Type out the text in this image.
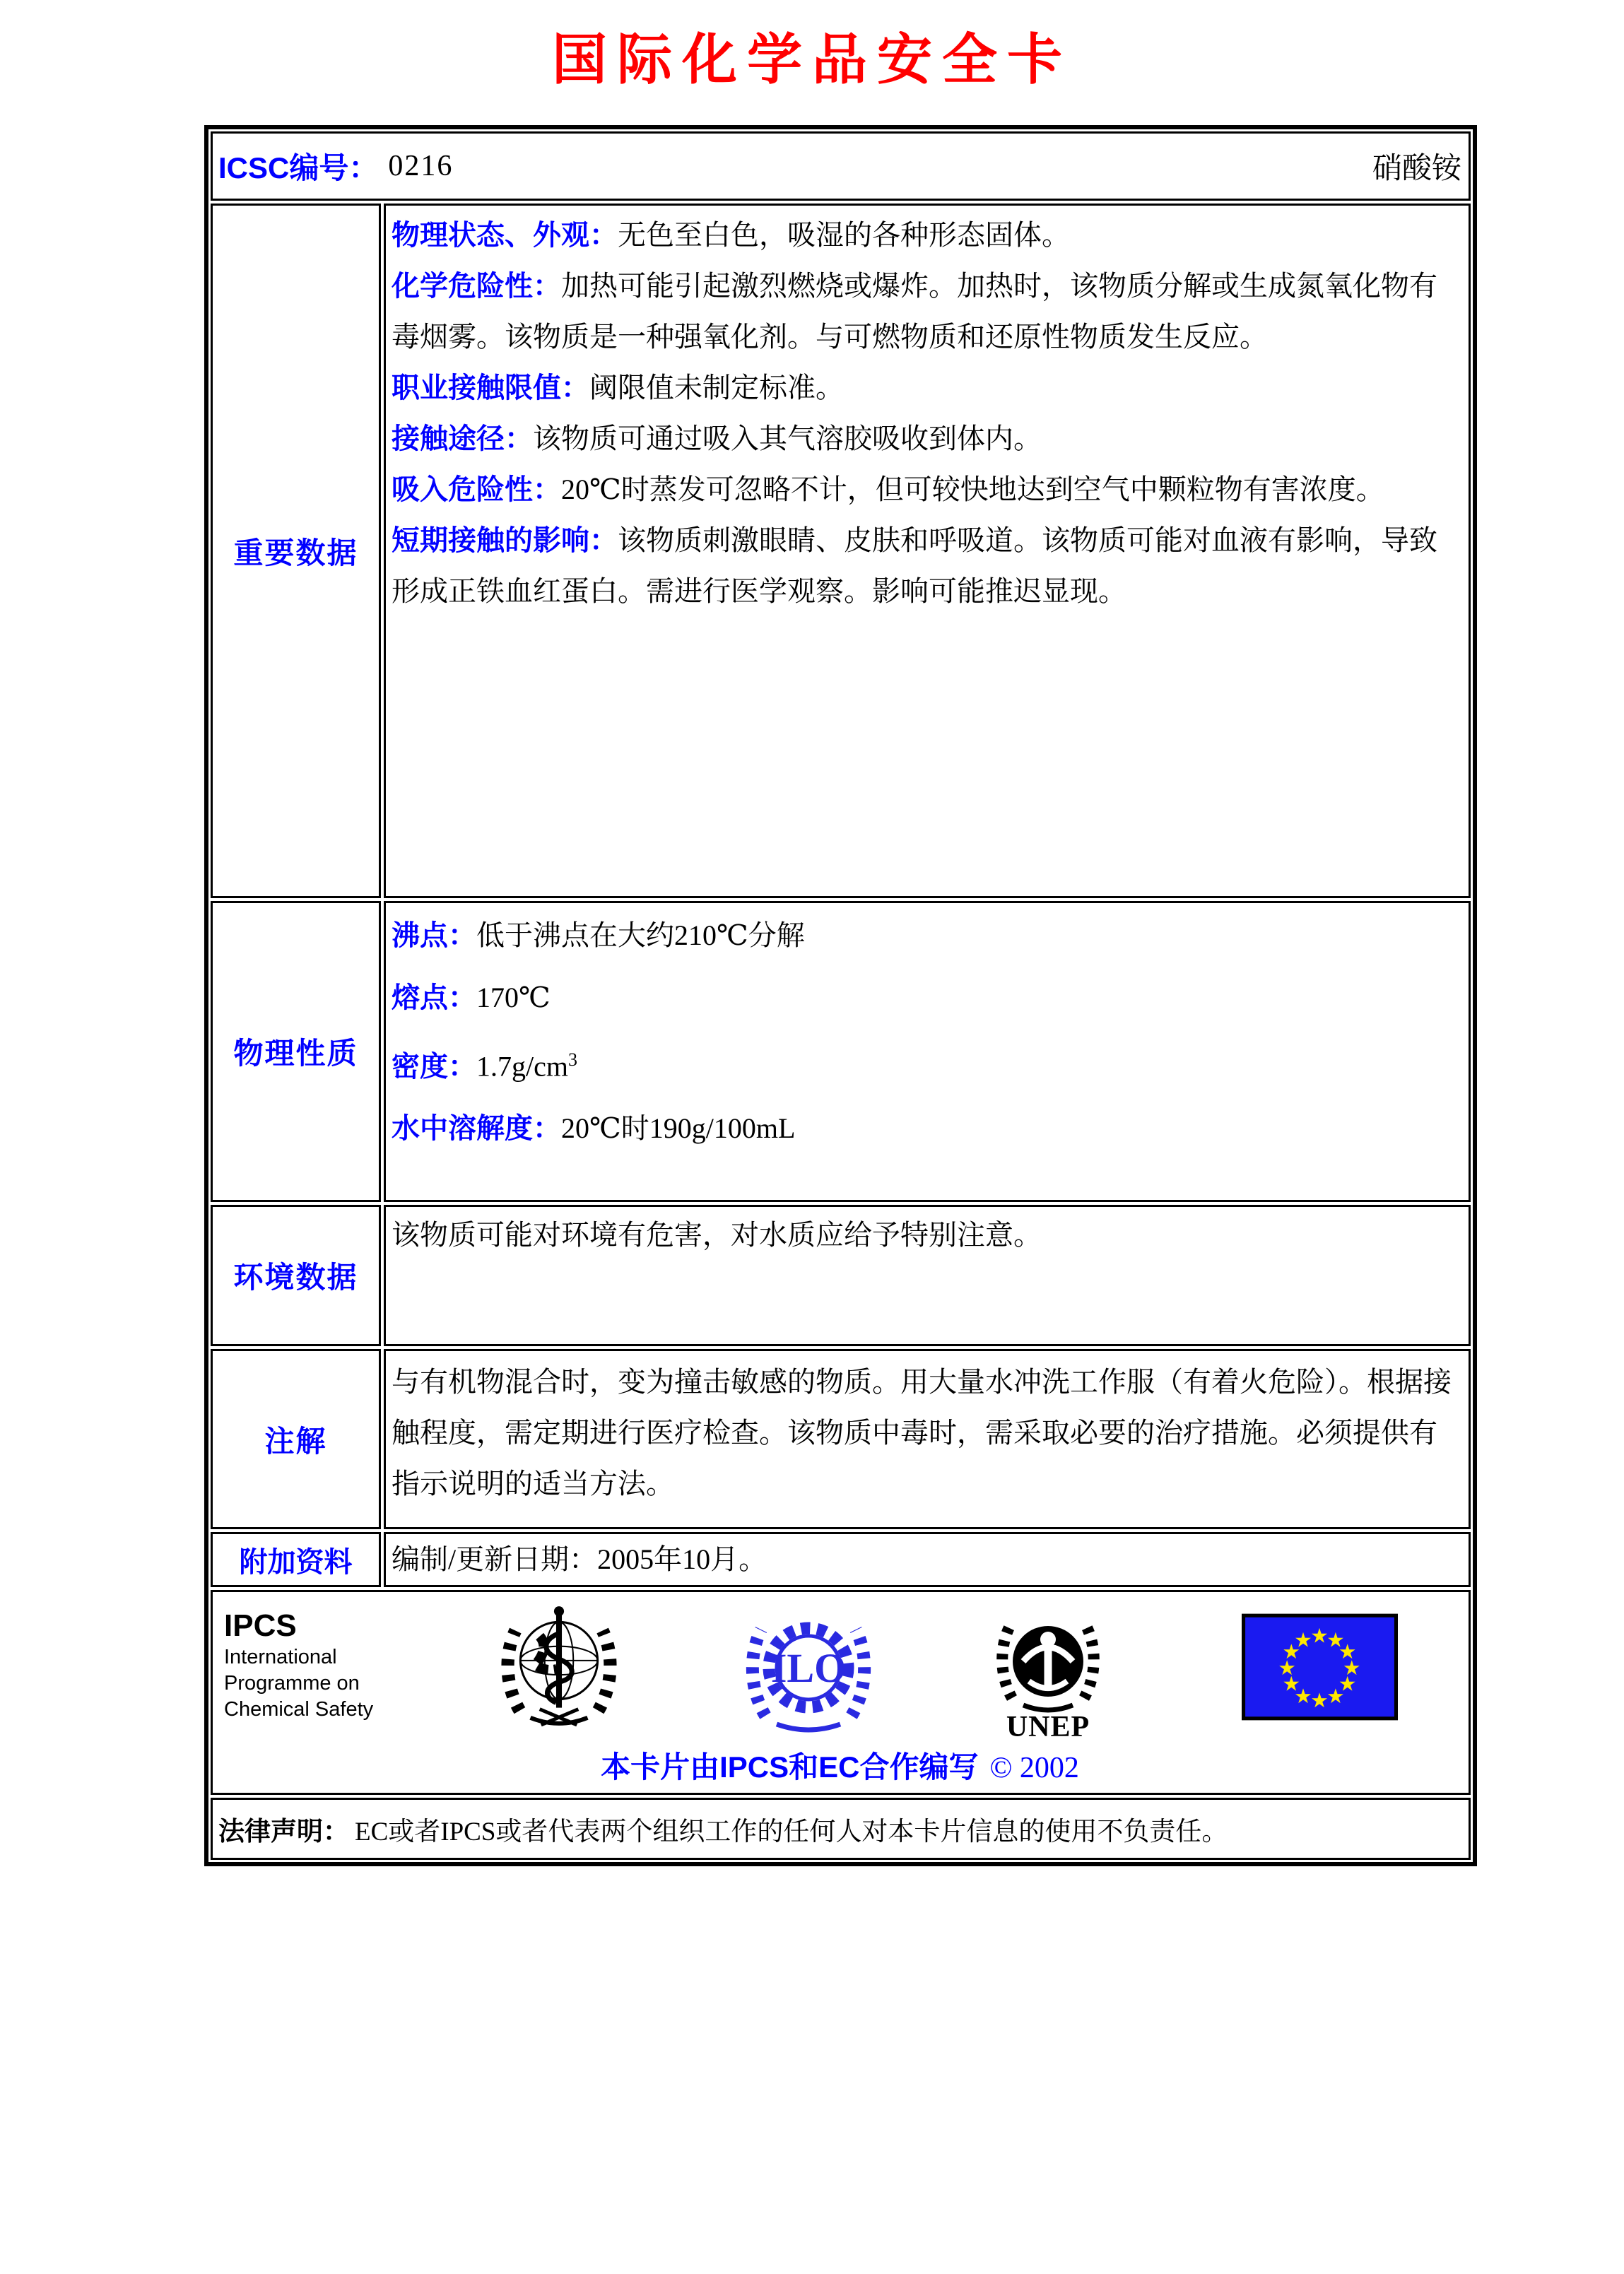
国际化学品安全卡
ICSC编号： 0216	硝酸铵
重要数据

物理状态、外观：无色至白色，吸湿的各种形态固体。

化学危险性：加热可能引起激烈燃烧或爆炸。加热时，该物质分解或生成氮氧化物有毒烟雾。该物质是一种强氧化剂。与可燃物质和还原性物质发生反应。

职业接触限值：阈限值未制定标准。

接触途径：该物质可通过吸入其气溶胶吸收到体内。

吸入危险性：20℃时蒸发可忽略不计，但可较快地达到空气中颗粒物有害浓度。

短期接触的影响：该物质刺激眼睛、皮肤和呼吸道。该物质可能对血液有影响，导致形成正铁血红蛋白。需进行医学观察。影响可能推迟显现。

物理性质

沸点：低于沸点在大约210℃分解

熔点：170℃

密度：$1.7g/cm^3$

水中溶解度：20℃时190g/100mL

环境数据

该物质可能对环境有危害，对水质应给予特别注意。

注解

与有机物混合时，变为撞击敏感的物质。用大量水冲洗工作服（有着火危险）。根据接触程度，需定期进行医疗检查。该物质中毒时，需采取必要的治疗措施。必须提供有指示说明的适当方法。

附加资料	编制/更新日期：2005年10月。
IPCS
International
Programme on
Chemical Safety
ILO
UNEP
★
★
★
★
★
★
★
★
★
★
★
★
本卡片由IPCS和EC合作编写 © 2002
法律声明： EC或者IPCS或者代表两个组织工作的任何人对本卡片信息的使用不负责任。
